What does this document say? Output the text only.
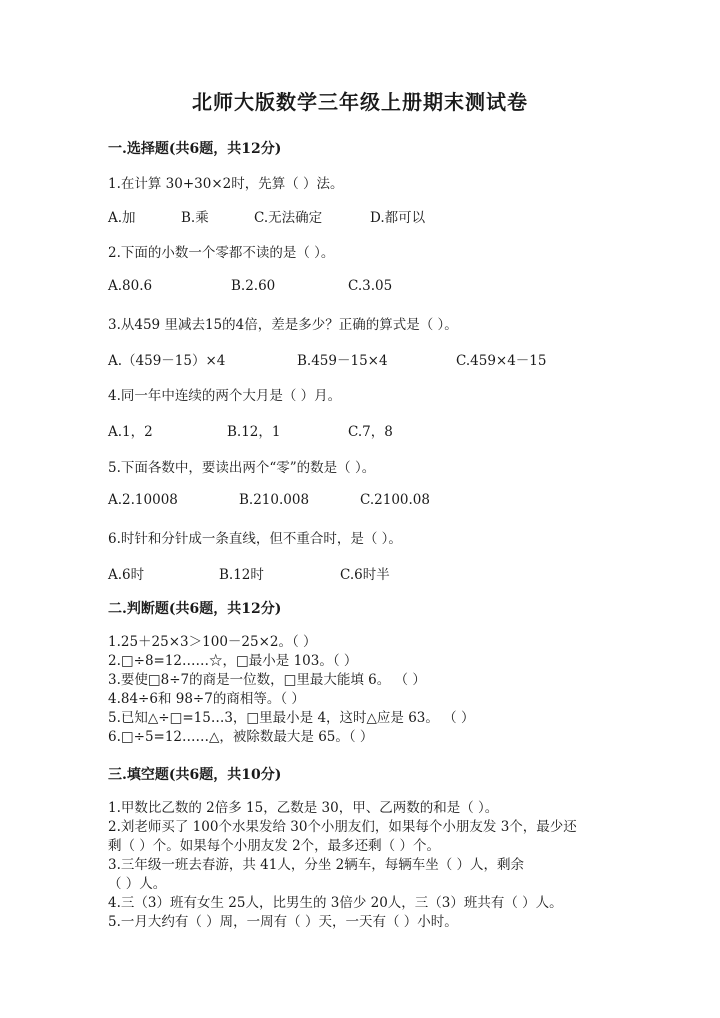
北师大版数学三年级上册期末测试卷
一.选择题(共6题，共12分)
1.在计算 30+30×2时，先算（ ）法。
A.加	B.乘	C.无法确定	D.都可以
2.下面的小数一个零都不读的是（ ）。
A.80.6	B.2.60	C.3.05
3.从459 里减去15的4倍，差是多少？正确的算式是（ ）。
A.（459－15）×4	B.459－15×4	C.459×4－15
4.同一年中连续的两个大月是（ ）月。
A.1，2	B.12，1	C.7，8
5.下面各数中，要读出两个“零”的数是（ ）。
A.2.10008	B.210.008	C.2100.08
6.时针和分针成一条直线，但不重合时，是（ ）。
A.6时	B.12时	C.6时半
二.判断题(共6题，共12分)
1.25＋25×3＞100－25×2。（ ）
2.□÷8=12……☆，□最小是 103。（ ）
3.要使□8÷7的商是一位数，□里最大能填 6。 （ ）
4.84÷6和 98÷7的商相等。（ ）
5.已知△÷□=15…3，□里最小是 4，这时△应是 63。 （ ）
6.□÷5=12……△，被除数最大是 65。（ ）
三.填空题(共6题，共10分)
1.甲数比乙数的 2倍多 15，乙数是 30，甲、乙两数的和是（ ）。
2.刘老师买了 100个水果发给 30个小朋友们，如果每个小朋友发 3个，最少还
剩（ ）个。如果每个小朋友发 2个，最多还剩（ ）个。
3.三年级一班去春游，共 41人，分坐 2辆车，每辆车坐（ ）人，剩余
（ ）人。
4.三（3）班有女生 25人，比男生的 3倍少 20人，三（3）班共有（ ）人。
5.一月大约有（ ）周，一周有（ ）天，一天有（ ）小时。
